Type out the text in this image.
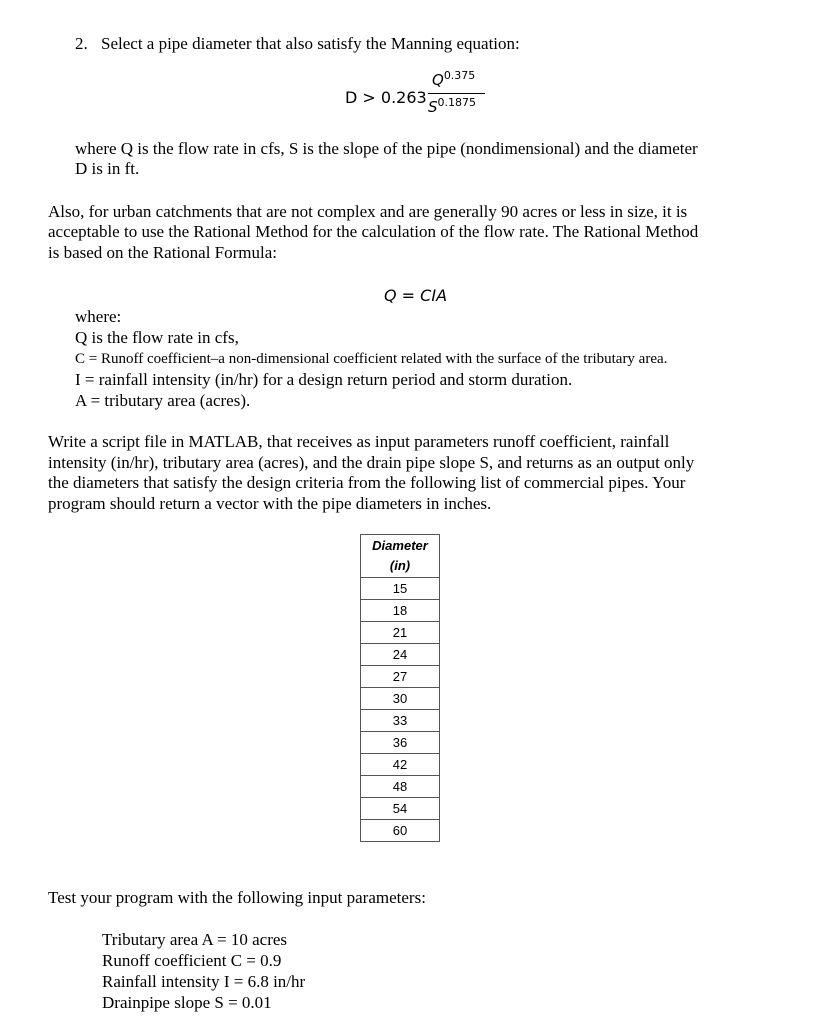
2. Select a pipe diameter that also satisfy the Manning equation:
D > 0.263
$Q^{0.375}$
$S^{0.1875}$
where Q is the flow rate in cfs, S is the slope of the pipe (nondimensional) and the diameter
D is in ft.
Also, for urban catchments that are not complex and are generally 90 acres or less in size, it is
acceptable to use the Rational Method for the calculation of the flow rate. The Rational Method
is based on the Rational Formula:
Q = CIA
where:
Q is the flow rate in cfs,
C = Runoff coefficient–a non-dimensional coefficient related with the surface of the tributary area.
I = rainfall intensity (in/hr) for a design return period and storm duration.
A = tributary area (acres).
Write a script file in MATLAB, that receives as input parameters runoff coefficient, rainfall
intensity (in/hr), tributary area (acres), and the drain pipe slope S, and returns as an output only
the diameters that satisfy the design criteria from the following list of commercial pipes. Your
program should return a vector with the pipe diameters in inches.
Diameter
(in)

15
18
21
24
27
30
33
36
42
48
54
60
Test your program with the following input parameters:
Tributary area A = 10 acres
Runoff coefficient C = 0.9
Rainfall intensity I = 6.8 in/hr
Drainpipe slope S = 0.01
